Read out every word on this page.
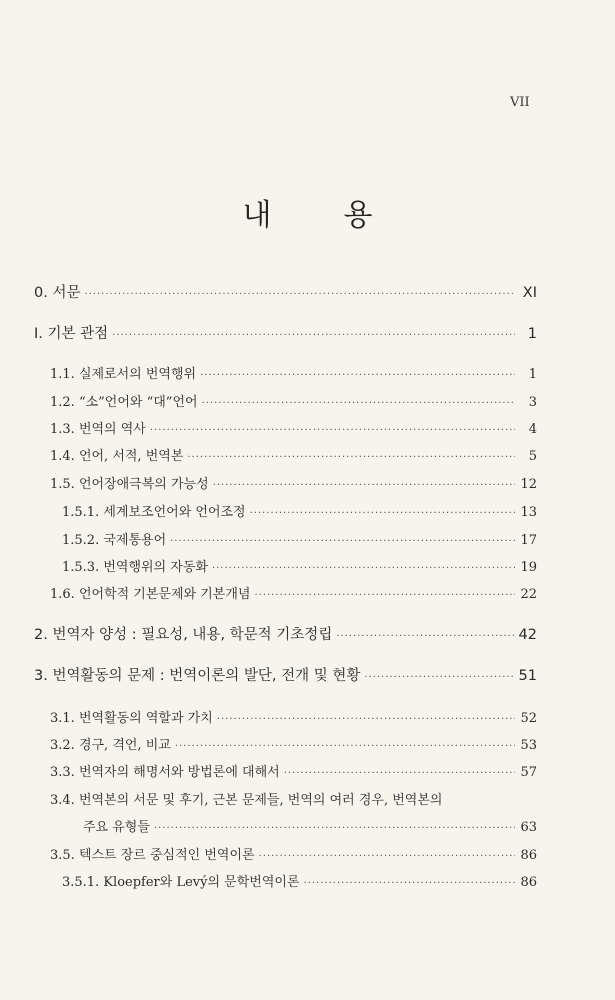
VII
내 용
0. 서문 ·····	XI
I. 기본 관점 ·····	1
1.1. 실제로서의 번역행위 ·····	1
1.2. “소”언어와 “대”언어 ·····	3
1.3. 번역의 역사 ·····	4
1.4. 언어, 서적, 번역본 ·····	5
1.5. 언어장애극복의 가능성 ·····	12
1.5.1. 세계보조언어와 언어조정 ·····	13
1.5.2. 국제통용어 ·····	17
1.5.3. 번역행위의 자동화 ·····	19
1.6. 언어학적 기본문제와 기본개념 ·····	22
2. 번역자 양성 : 필요성, 내용, 학문적 기초정립 ·····	42
3. 번역활동의 문제 : 번역이론의 발단, 전개 및 현황 ·····	51
3.1. 번역활동의 역할과 가치 ·····	52
3.2. 경구, 격언, 비교 ·····	53
3.3. 번역자의 해명서와 방법론에 대해서 ·····	57
3.4. 번역본의 서문 및 후기, 근본 문제들, 번역의 여러 경우, 번역본의
주요 유형들 ·····	63
3.5. 텍스트 장르 중심적인 번역이론 ·····	86
3.5.1. Kloepfer와 Levý의 문학번역이론 ·····	86
